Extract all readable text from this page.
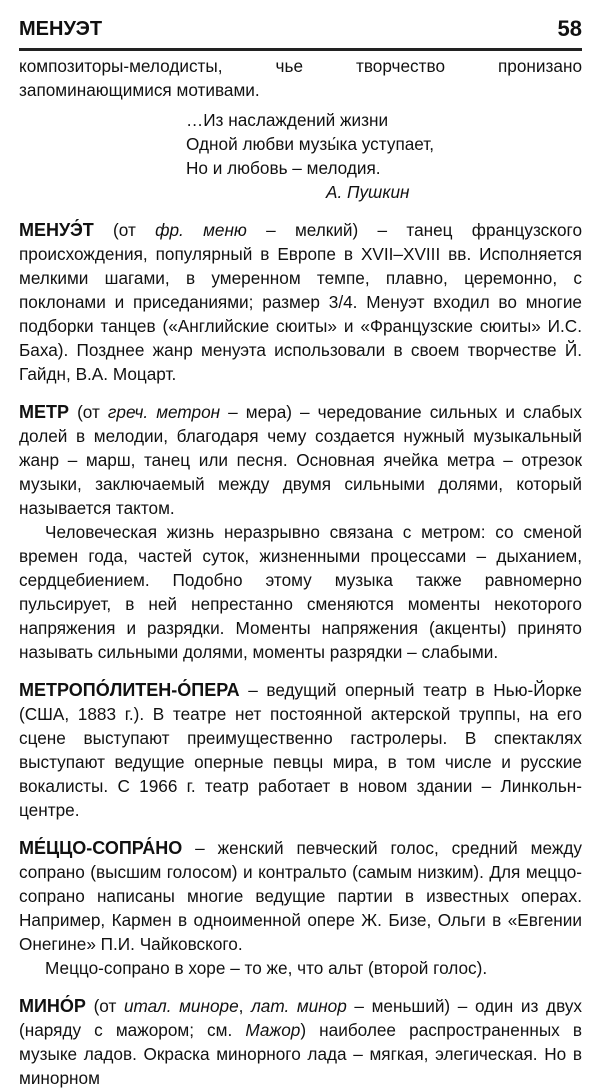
МЕНУЭТ	58

композиторы-мелодисты, чье творчество пронизано запоминающимися мотивами.

…Из наслаждений жизни
Одной любви музы́ка уступает,
Но и любовь – мелодия.
А. Пушкин

МЕНУЭ́Т (от фр. меню – мелкий) – танец французского происхождения, популярный в Европе в XVII–XVIII вв. Исполняется мелкими шагами, в умеренном темпе, плавно, церемонно, с поклонами и приседаниями; размер 3/4. Менуэт входил во многие подборки танцев («Английские сюиты» и «Французские сюиты» И.С. Баха). Позднее жанр менуэта использовали в своем творчестве Й. Гайдн, В.А. Моцарт.

МЕТР (от греч. метрон – мера) – чередование сильных и слабых долей в мелодии, благодаря чему создается нужный музыкальный жанр – марш, танец или песня. Основная ячейка метра – отрезок музыки, заключаемый между двумя сильными долями, который называется тактом.

Человеческая жизнь неразрывно связана с метром: со сменой времен года, частей суток, жизненными процессами – дыханием, сердцебиением. Подобно этому музыка также равномерно пульсирует, в ней непрестанно сменяются моменты некоторого напряжения и разрядки. Моменты напряжения (акценты) принято называть сильными долями, моменты разрядки – слабыми.

МЕТРОПО́ЛИТЕН-О́ПЕРА – ведущий оперный театр в Нью-Йорке (США, 1883 г.). В театре нет постоянной актерской труппы, на его сцене выступают преимущественно гастролеры. В спектаклях выступают ведущие оперные певцы мира, в том числе и русские вокалисты. С 1966 г. театр работает в новом здании – Линкольн-центре.

МЕ́ЦЦО-СОПРА́НО – женский певческий голос, средний между сопрано (высшим голосом) и контральто (самым низким). Для меццо-сопрано написаны многие ведущие партии в известных операх. Например, Кармен в одноименной опере Ж. Бизе, Ольги в «Евгении Онегине» П.И. Чайковского.

Меццо-сопрано в хоре – то же, что альт (второй голос).

МИНО́Р (от итал. миноре, лат. минор – меньший) – один из двух (наряду с мажором; см. Мажор) наиболее распространенных в музыке ладов. Окраска минорного лада – мягкая, элегическая. Но в минорном
